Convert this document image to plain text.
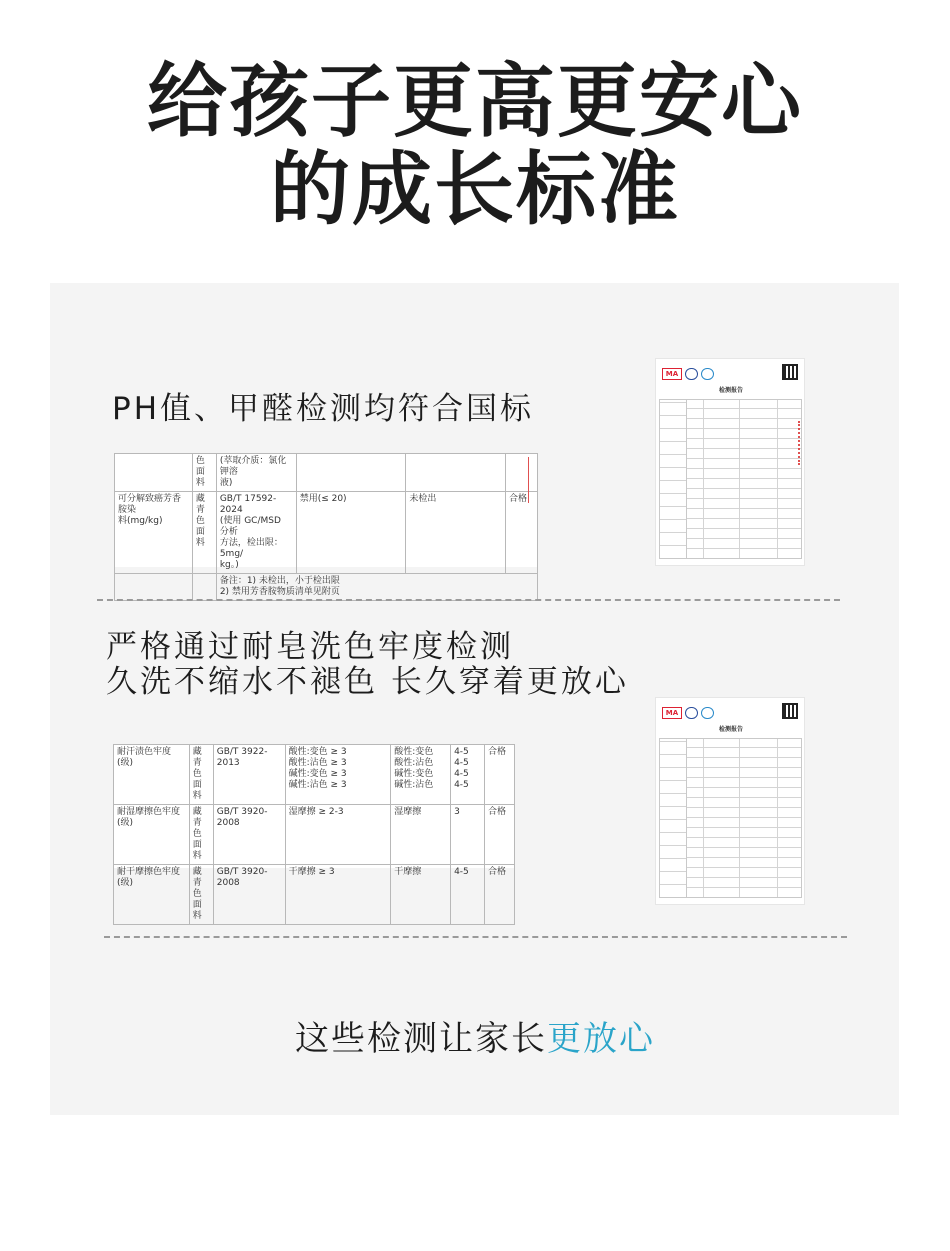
给孩子更高更安心
的成长标准
PH值、甲醛检测均符合国标
	色面
料	(萃取介质：氯化钾溶
液)			
可分解致癌芳香胺染
料(mg/kg)	藏青
色面
料	GB/T 17592-2024
(使用 GC/MSD 分析
方法，检出限：5mg/
kg。)	禁用(≤ 20)	未检出	合格
		备注：1) 未检出，小于检出限
2) 禁用芳香胺物质清单见附页			
MA
检测报告
严格通过耐皂洗色牢度检测
久洗不缩水不褪色 长久穿着更放心
耐汗渍色牢度(级)	藏青
色面
料	GB/T 3922-2013	酸性:变色 ≥ 3
酸性:沾色 ≥ 3
碱性:变色 ≥ 3
碱性:沾色 ≥ 3	酸性:变色
酸性:沾色
碱性:变色
碱性:沾色	4-5
4-5
4-5
4-5	合格
耐湿摩擦色牢度(级)	藏青
色面
料	GB/T 3920-2008	湿摩擦 ≥ 2-3	湿摩擦	3	合格
耐干摩擦色牢度(级)	藏青
色面
料	GB/T 3920-2008	干摩擦 ≥ 3	干摩擦	4-5	合格
MA
检测报告
这些检测让家长更放心
